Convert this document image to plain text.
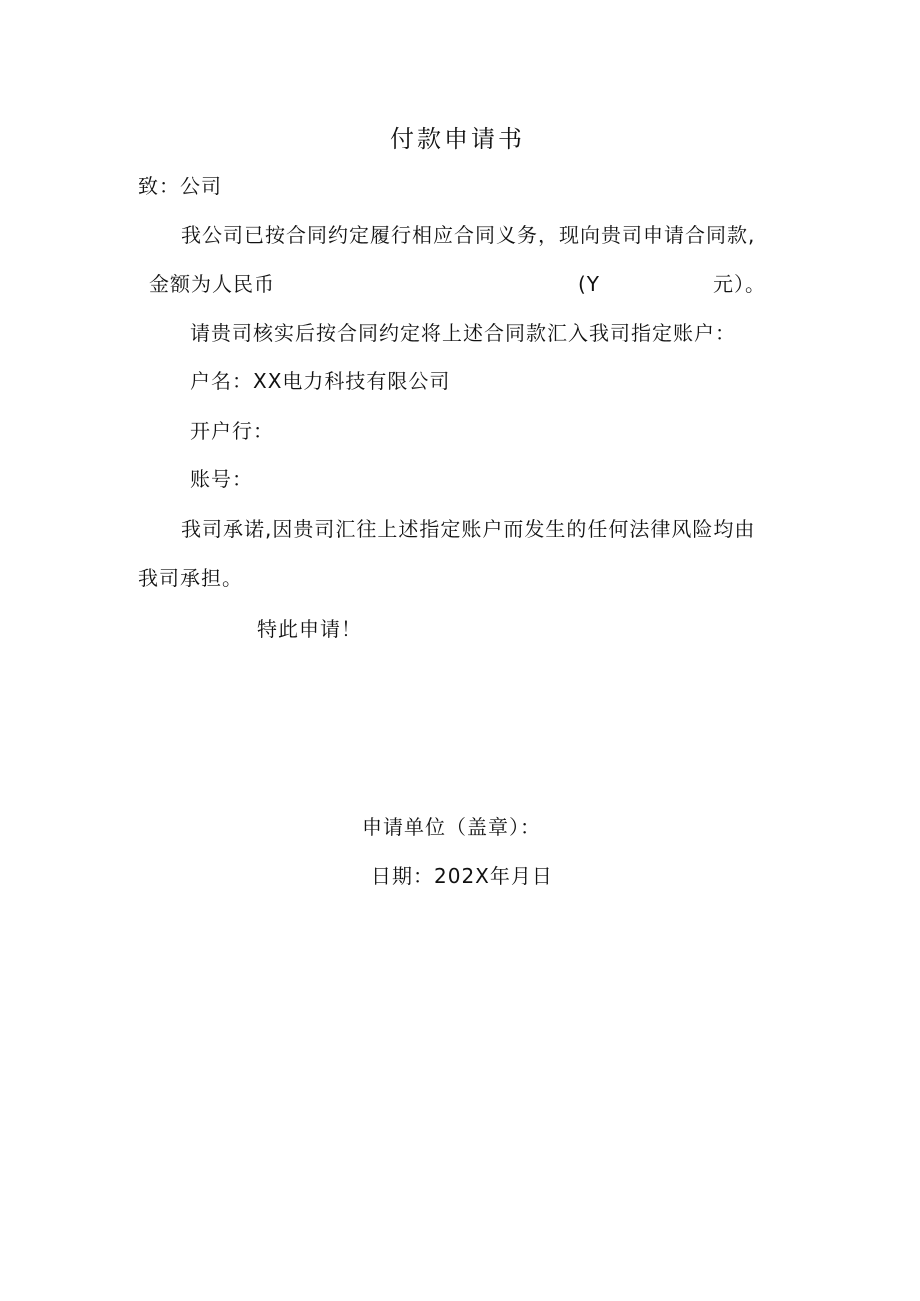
付款申请书
致：公司
我公司已按合同约定履行相应合同义务，现向贵司申请合同款,
金额为人民币	(Y	元）。
请贵司核实后按合同约定将上述合同款汇入我司指定账户：
户名：XX电力科技有限公司
开户行：
账号：
我司承诺,因贵司汇往上述指定账户而发生的任何法律风险均由
我司承担。
特此申请！
申请单位（盖章）：
日期：202X年月日
